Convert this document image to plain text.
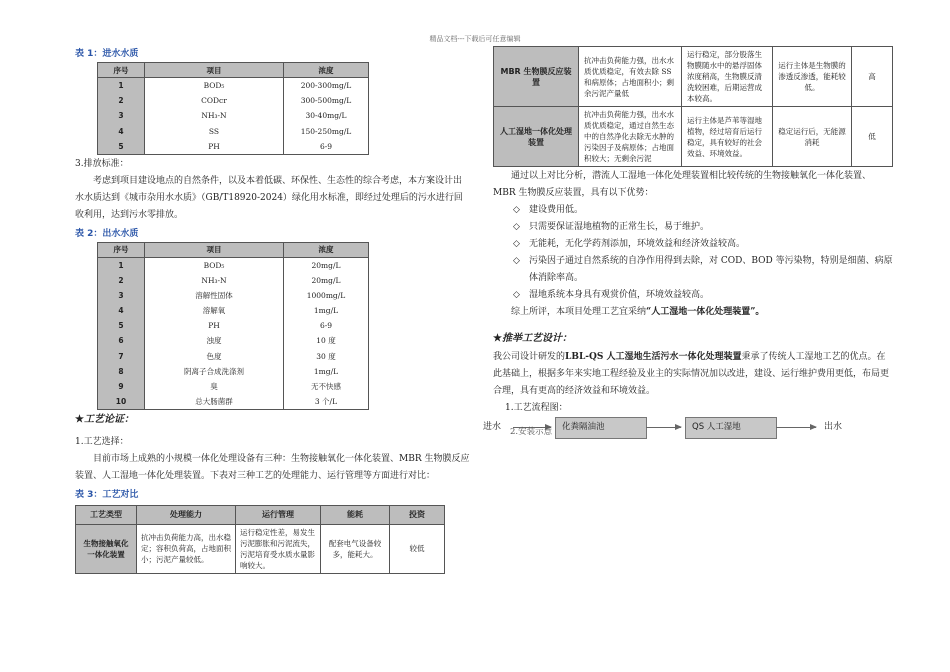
精品文档---下载后可任意编辑
表 1：进水水质
序号	项目	浓度
1	BOD₅	200-300mg/L
2	CODcr	300-500mg/L
3	NH₃-N	30-40mg/L
4	SS	150-250mg/L
5	PH	6-9

3.排放标准：

考虑到项目建设地点的自然条件，以及本着低碳、环保性、生态性的综合考虑，本方案设计出水水质达到《城市杂用水水质》（GB/T18920-2024）绿化用水标准，即经过处理后的污水进行回收利用，达到污水零排放。

表 2：出水水质
序号	项目	浓度
1	BOD₅	20mg/L
2	NH₃-N	20mg/L
3	溶解性固体	1000mg/L
4	溶解氧	1mg/L
5	PH	6-9
6	浊度	10 度
7	色度	30 度
8	阴离子合成洗涤剂	1mg/L
9	臭	无不快感
10	总大肠菌群	3 个/L
★工艺论证：

1.工艺选择：

目前市场上成熟的小规模一体化处理设备有三种：生物接触氧化一体化装置、MBR 生物膜反应装置、人工湿地一体化处理装置。下表对三种工艺的处理能力、运行管理等方面进行对比：

表 3：工艺对比
工艺类型	处理能力	运行管理	能耗	投资
生物接触氧化一体化装置	抗冲击负荷能力高，出水稳定；容积负荷高，占地面积小；污泥产量较低。	运行稳定性差，易发生污泥膨胀和污泥流失，污泥培育受水质水量影响较大。	配套电气设备较多，能耗大。	较低
MBR 生物膜反应装置	抗冲击负荷能力强，出水水质优质稳定，有效去除 SS 和病原体；占地面积小；剩余污泥产量低	运行稳定，部分股落生物膜随水中的悬浮固体浓度稍高，生物膜反清洗较困难，后期运营成本较高。	运行主体是生物膜的渗透反渗透，能耗较低。	高
人工湿地一体化处理装置	抗冲击负荷能力强，出水水质优质稳定，通过自然生态中的自然净化去除无水肿的污染因子及病原体；占地面积较大；无剩余污泥	运行主体是芦苇等湿地植物，经过培育后运行稳定，具有较好的社会效益、环境效益。	稳定运行后，无能源消耗	低

通过以上对比分析，潜流人工湿地一体化处理装置相比较传统的生物接触氧化一体化装置、MBR 生物膜反应装置，具有以下优势：

◇	建设费用低。

◇	只需要保证湿地植物的正常生长，易于维护。

◇	无能耗，无化学药剂添加，环境效益和经济效益较高。

◇	污染因子通过自然系统的自净作用得到去除，对 COD、BOD 等污染物，特别是细菌、病原体消除率高。

◇	湿地系统本身具有观赏价值，环境效益较高。

综上所评，本项目处理工艺宜采纳“人工湿地一体化处理装置”。

★推举工艺设计：

我公司设计研发的LBL-QS 人工湿地生活污水一体化处理装置秉承了传统人工湿地工艺的优点。在此基础上，根据多年来实地工程经验及业主的实际情况加以改进，建设、运行维护费用更低，布局更合理，具有更高的经济效益和环境效益。

1.工艺流程图：

进水	化粪隔油池	QS 人工湿地	出水
2.安装示意
